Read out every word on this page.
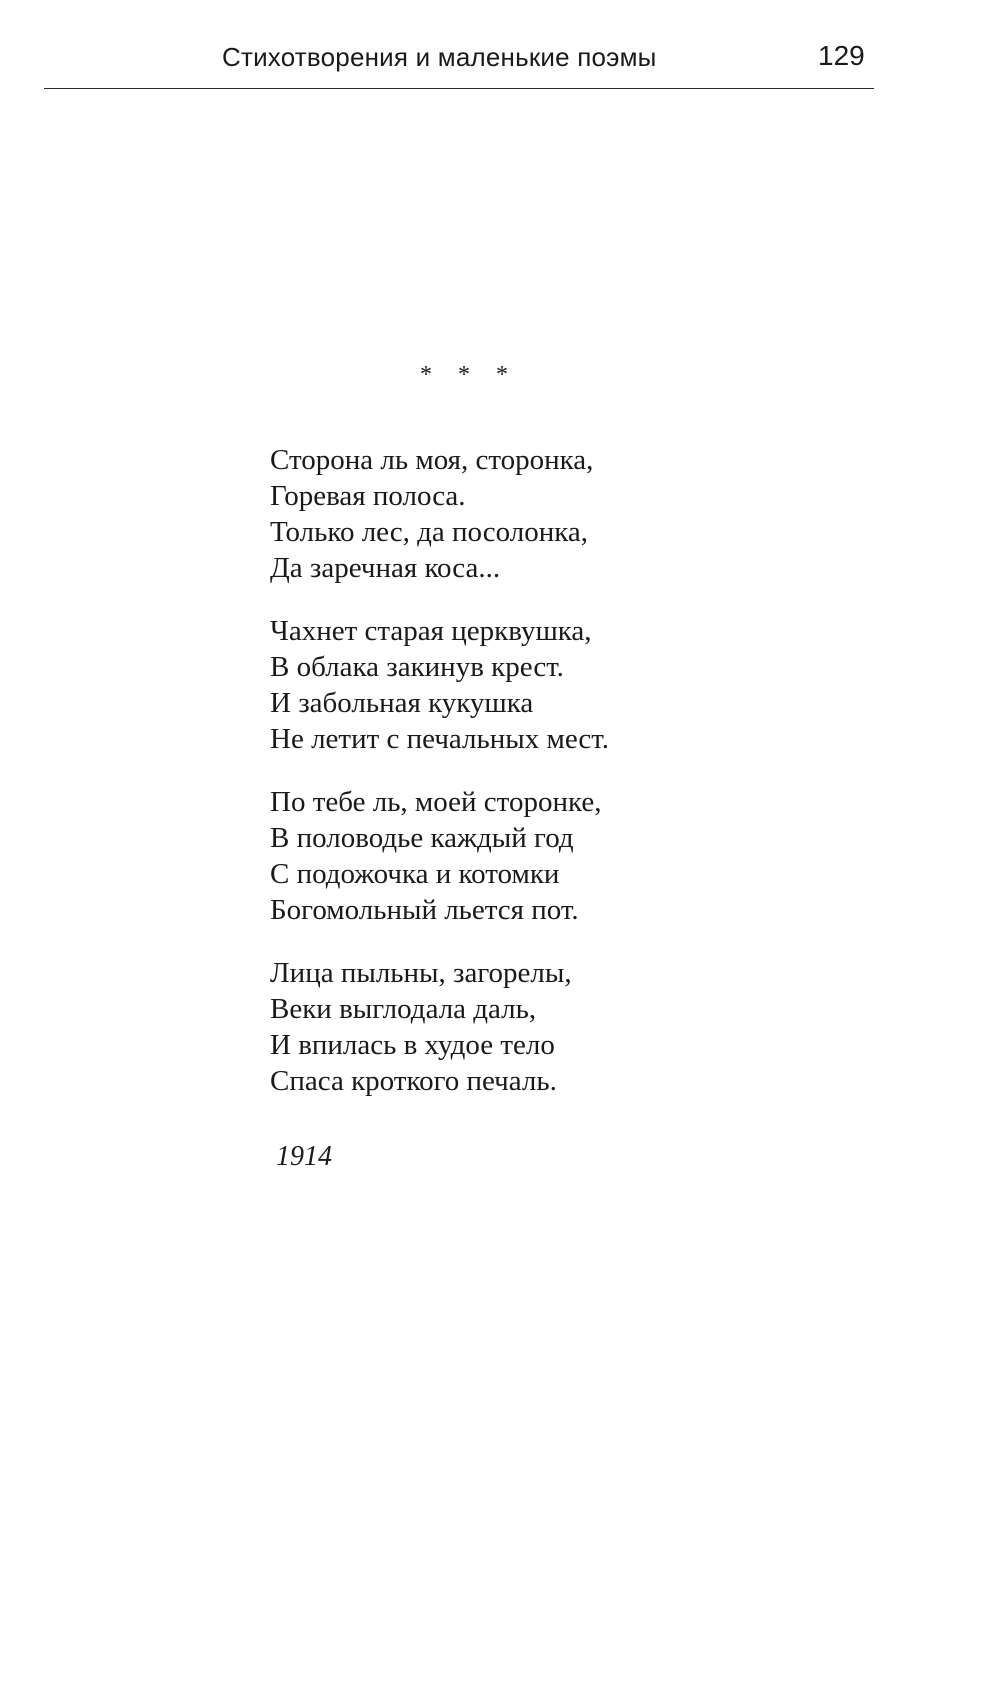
Стихотворения и маленькие поэмы	129
* * *
Сторона ль моя, сторонка,
Горевая полоса.
Только лес, да посолонка,
Да заречная коса...
Чахнет старая церквушка,
В облака закинув крест.
И забольная кукушка
Не летит с печальных мест.
По тебе ль, моей сторонке,
В половодье каждый год
С подожочка и котомки
Богомольный льется пот.
Лица пыльны, загорелы,
Веки выглодала даль,
И впилась в худое тело
Спаса кроткого печаль.
1914
